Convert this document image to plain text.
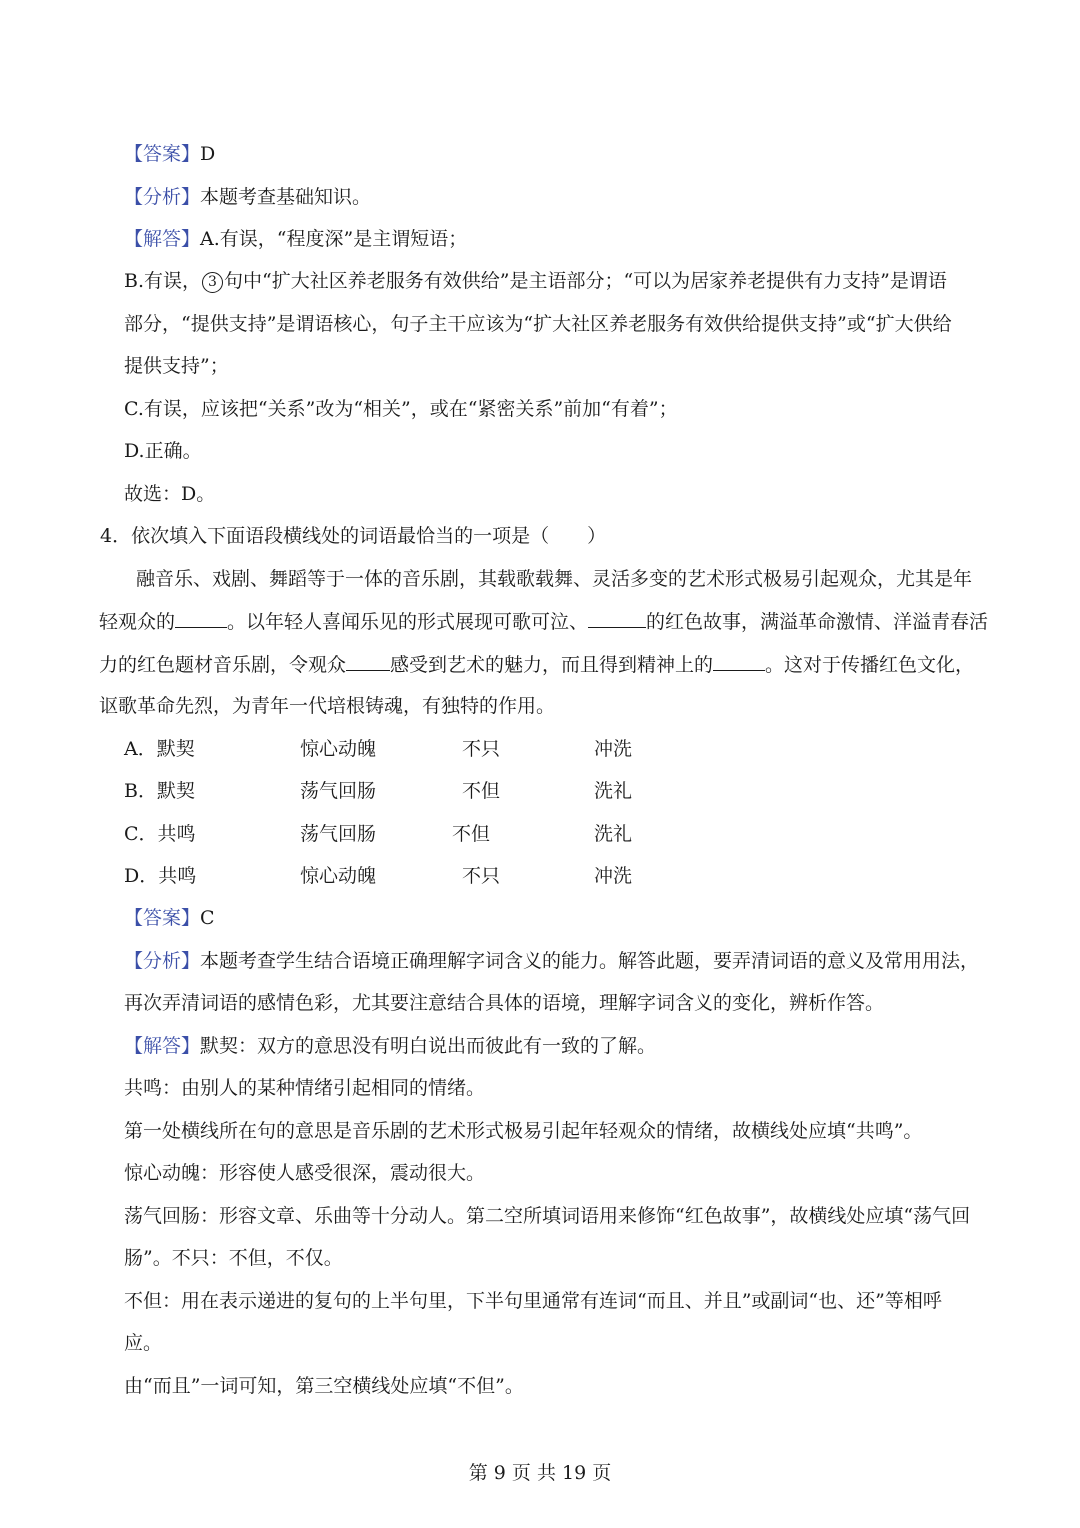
【答案】D
【分析】本题考查基础知识。
【解答】A.有误，“程度深”是主谓短语；
B.有误， 3 句中“扩大社区养老服务有效供给”是主语部分；“可以为居家养老提供有力支持”是谓语
部分，“提供支持”是谓语核心，句子主干应该为“扩大社区养老服务有效供给提供支持”或“扩大供给
提供支持”；
C.有误，应该把“关系”改为“相关”，或在“紧密关系”前加“有着”；
D.正确。
故选：D。
4．依次填入下面语段横线处的词语最恰当的一项是（　　）
融音乐、戏剧、舞蹈等于一体的音乐剧，其载歌载舞、灵活多变的艺术形式极易引起观众，尤其是年
轻观众的	。以年轻人喜闻乐见的形式展现可歌可泣、	的红色故事，满溢革命激情、洋溢青春活
力的红色题材音乐剧，令观众 感受到艺术的魅力，而且得到精神上的	。这对于传播红色文化，
讴歌革命先烈，为青年一代培根铸魂，有独特的作用。
A．默契	惊心动魄	不只	冲洗
B．默契	荡气回肠	不但	洗礼
C．共鸣	荡气回肠	不但	洗礼
D．共鸣	惊心动魄	不只	冲洗
【答案】C
【分析】本题考查学生结合语境正确理解字词含义的能力。解答此题，要弄清词语的意义及常用用法，
再次弄清词语的感情色彩，尤其要注意结合具体的语境，理解字词含义的变化，辨析作答。
【解答】默契：双方的意思没有明白说出而彼此有一致的了解。
共鸣：由别人的某种情绪引起相同的情绪。
第一处横线所在句的意思是音乐剧的艺术形式极易引起年轻观众的情绪，故横线处应填“共鸣”。
惊心动魄：形容使人感受很深，震动很大。
荡气回肠：形容文章、乐曲等十分动人。第二空所填词语用来修饰“红色故事”，故横线处应填“荡气回
肠”。不只：不但，不仅。
不但：用在表示递进的复句的上半句里，下半句里通常有连词“而且、并且”或副词“也、还”等相呼
应。
由“而且”一词可知，第三空横线处应填“不但”。
第 9 页 共 19 页
